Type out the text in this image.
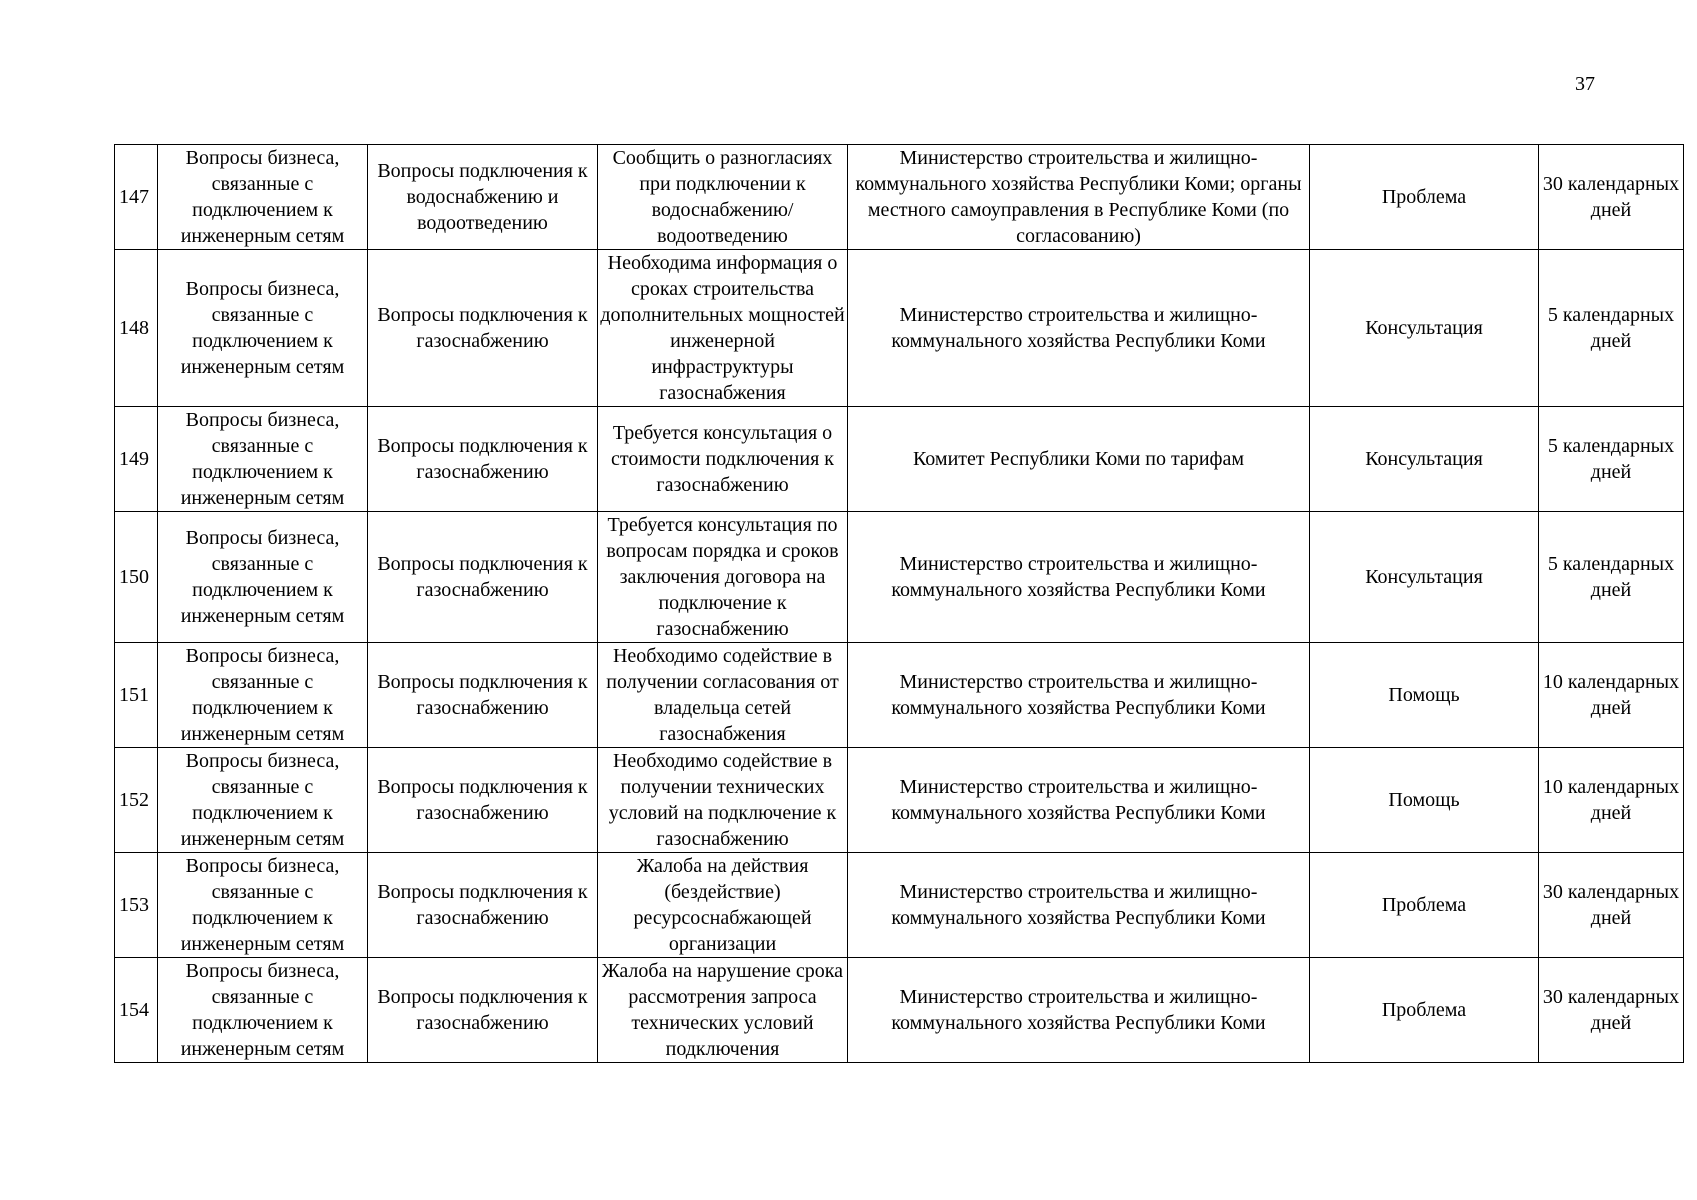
37
147	Вопросы бизнеса, связанные с подключением к инженерным сетям	Вопросы подключения к водоснабжению и водоотведению	Сообщить о разногласиях при подключении к водоснабжению/водоотведению	Министерство строительства и жилищно-коммунального хозяйства Республики Коми; органы местного самоуправления в Республике Коми (по согласованию)	Проблема	30 календарных дней
148	Вопросы бизнеса, связанные с подключением к инженерным сетям	Вопросы подключения к газоснабжению	Необходима информация о сроках строительства дополнительных мощностей инженерной инфраструктуры газоснабжения	Министерство строительства и жилищно-коммунального хозяйства Республики Коми	Консультация	5 календарных дней
149	Вопросы бизнеса, связанные с подключением к инженерным сетям	Вопросы подключения к газоснабжению	Требуется консультация о стоимости подключения к газоснабжению	Комитет Республики Коми по тарифам	Консультация	5 календарных дней
150	Вопросы бизнеса, связанные с подключением к инженерным сетям	Вопросы подключения к газоснабжению	Требуется консультация по вопросам порядка и сроков заключения договора на подключение к газоснабжению	Министерство строительства и жилищно-коммунального хозяйства Республики Коми	Консультация	5 календарных дней
151	Вопросы бизнеса, связанные с подключением к инженерным сетям	Вопросы подключения к газоснабжению	Необходимо содействие в получении согласования от владельца сетей газоснабжения	Министерство строительства и жилищно-коммунального хозяйства Республики Коми	Помощь	10 календарных дней
152	Вопросы бизнеса, связанные с подключением к инженерным сетям	Вопросы подключения к газоснабжению	Необходимо содействие в получении технических условий на подключение к газоснабжению	Министерство строительства и жилищно-коммунального хозяйства Республики Коми	Помощь	10 календарных дней
153	Вопросы бизнеса, связанные с подключением к инженерным сетям	Вопросы подключения к газоснабжению	Жалоба на действия (бездействие) ресурсоснабжающей организации	Министерство строительства и жилищно-коммунального хозяйства Республики Коми	Проблема	30 календарных дней
154	Вопросы бизнеса, связанные с подключением к инженерным сетям	Вопросы подключения к газоснабжению	Жалоба на нарушение срока рассмотрения запроса технических условий подключения	Министерство строительства и жилищно-коммунального хозяйства Республики Коми	Проблема	30 календарных дней
